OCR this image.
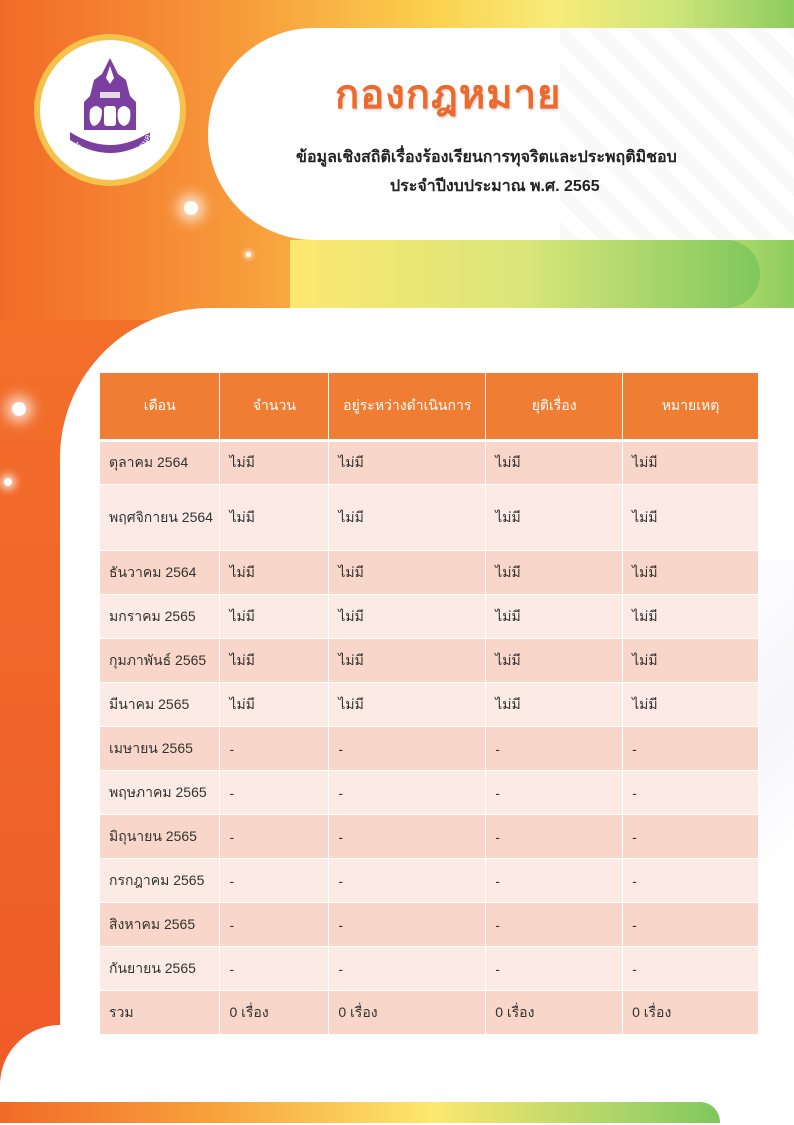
มหาวิทยาลัยราชภัฏสกลนคร
กองกฎหมาย
ข้อมูลเชิงสถิติเรื่องร้องเรียนการทุจริตและประพฤติมิชอบ
ประจำปีงบประมาณ พ.ศ. 2565
เดือน	จำนวน	อยู่ระหว่างดำเนินการ	ยุติเรื่อง	หมายเหตุ
ตุลาคม 2564	ไม่มี	ไม่มี	ไม่มี	ไม่มี
พฤศจิกายน 2564	ไม่มี	ไม่มี	ไม่มี	ไม่มี
ธันวาคม 2564	ไม่มี	ไม่มี	ไม่มี	ไม่มี
มกราคม 2565	ไม่มี	ไม่มี	ไม่มี	ไม่มี
กุมภาพันธ์ 2565	ไม่มี	ไม่มี	ไม่มี	ไม่มี
มีนาคม 2565	ไม่มี	ไม่มี	ไม่มี	ไม่มี
เมษายน 2565	-	-	-	-
พฤษภาคม 2565	-	-	-	-
มิถุนายน 2565	-	-	-	-
กรกฎาคม 2565	-	-	-	-
สิงหาคม 2565	-	-	-	-
กันยายน 2565	-	-	-	-
รวม	0 เรื่อง	0 เรื่อง	0 เรื่อง	0 เรื่อง
